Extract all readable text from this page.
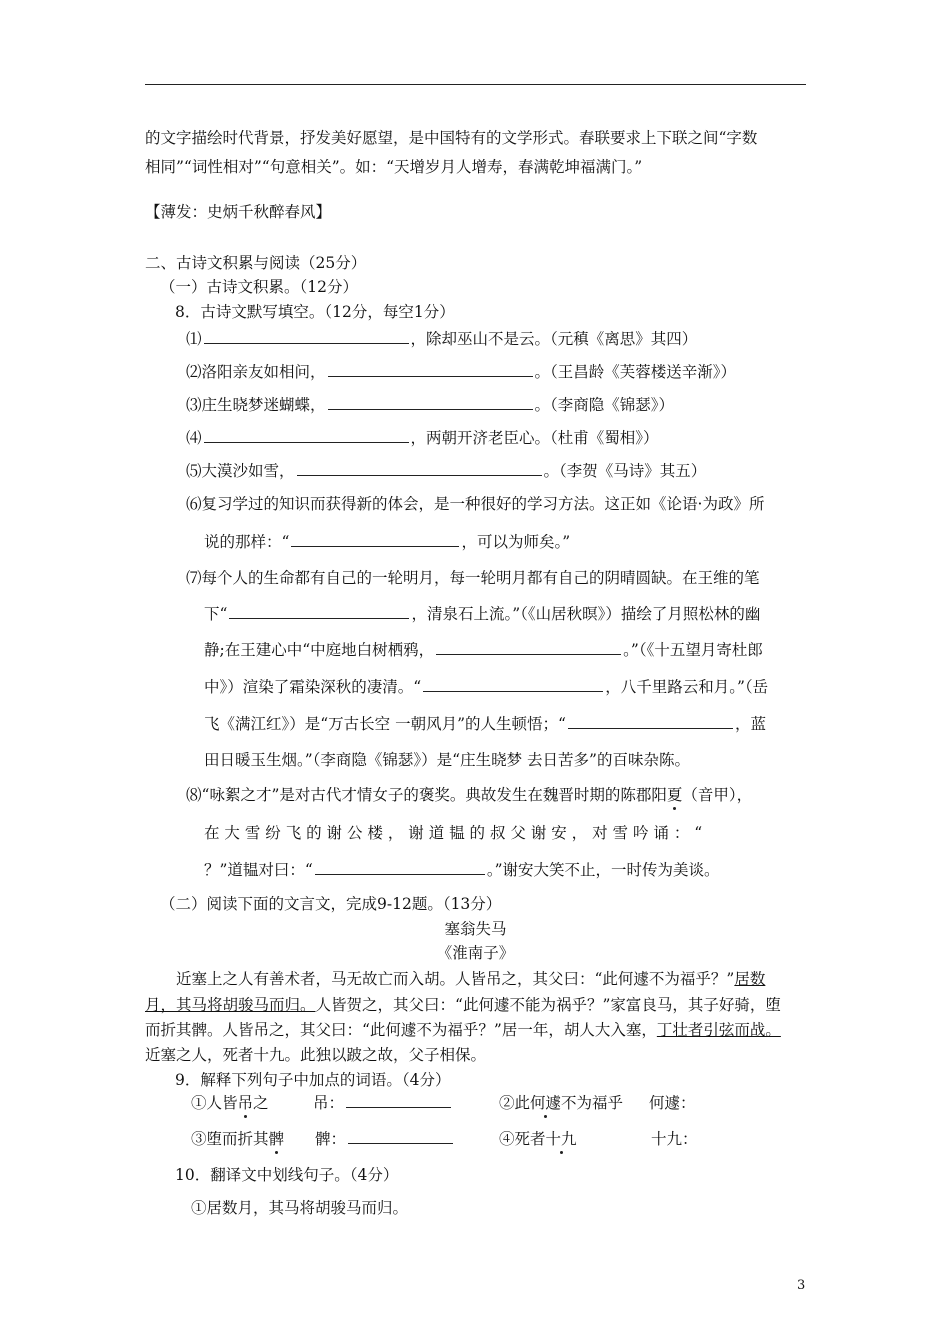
的文字描绘时代背景，抒发美好愿望，是中国特有的文学形式。春联要求上下联之间“字数
相同”“词性相对”“句意相关”。如：“天增岁月人增寿，春满乾坤福满门。”
【薄发：史炳千秋醉春风】
二、古诗文积累与阅读（25分）
（一）古诗文积累。（12分）
8．古诗文默写填空。（12分，每空1分）
⑴	，除却巫山不是云。（元稹《离思》其四）
⑵洛阳亲友如相问，	。（王昌龄《芙蓉楼送辛渐》）
⑶庄生晓梦迷蝴蝶，	。（李商隐《锦瑟》）
⑷	，两朝开济老臣心。（杜甫《蜀相》）
⑸大漠沙如雪，	。（李贺《马诗》其五）
⑹复习学过的知识而获得新的体会，是一种很好的学习方法。这正如《论语·为政》所
说的那样：“	，可以为师矣。”
⑺每个人的生命都有自己的一轮明月，每一轮明月都有自己的阴晴圆缺。在王维的笔
下“	，清泉石上流。”（《山居秋暝》）描绘了月照松林的幽
静;在王建心中“中庭地白树栖鸦，	。”（《十五望月寄杜郎
中》）渲染了霜染深秋的凄清。“	，八千里路云和月。”（岳
飞《满江红》）是“万古长空 一朝风月”的人生顿悟；“	，蓝
田日暖玉生烟。”（李商隐《锦瑟》）是“庄生晓梦 去日苦多”的百味杂陈。
⑻“咏絮之才”是对古代才情女子的褒奖。典故发生在魏晋时期的陈郡阳夏（音甲），
在 大 雪 纷 飞 的 谢 公 楼 ， 谢 道 韫 的 叔 父 谢 安 ， 对 雪 吟 诵 ： “
？”道韫对曰：“	。”谢安大笑不止，一时传为美谈。
（二）阅读下面的文言文，完成9-12题。（13分）
塞翁失马
《淮南子》
近塞上之人有善术者，马无故亡而入胡。人皆吊之，其父曰：“此何遽不为福乎？”居数
月，其马将胡骏马而归。人皆贺之，其父曰：“此何遽不能为祸乎？”家富良马，其子好骑，堕
而折其髀。人皆吊之，其父曰：“此何遽不为福乎？”居一年，胡人大入塞，丁壮者引弦而战。
近塞之人，死者十九。此独以跛之故，父子相保。
9．解释下列句子中加点的词语。（4分）
①人皆吊之	吊：	②此何遽不为福乎 何遽：
③堕而折其髀 髀：	④死者十九	十九：
10．翻译文中划线句子。（4分）
①居数月，其马将胡骏马而归。
3
